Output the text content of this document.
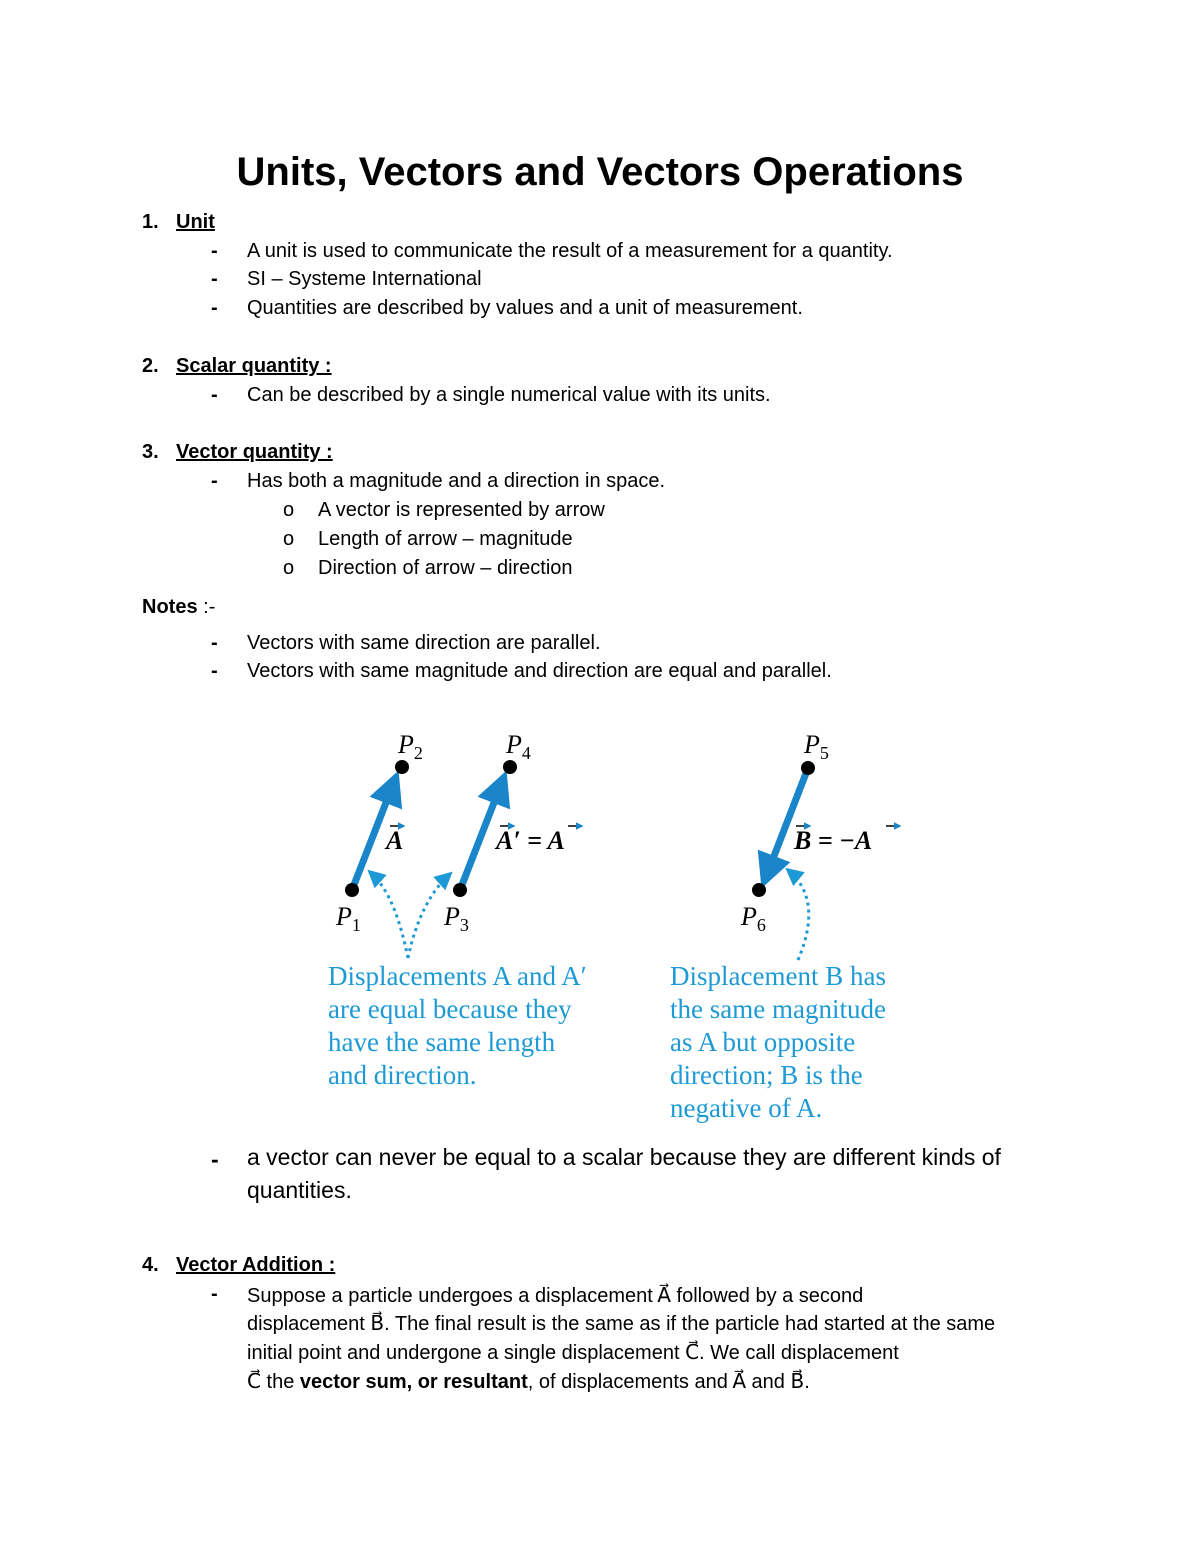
Units, Vectors and Vectors Operations
1. Unit
- A unit is used to communicate the result of a measurement for a quantity.
- SI – Systeme International
- Quantities are described by values and a unit of measurement.
2. Scalar quantity :
- Can be described by a single numerical value with its units.
3. Vector quantity :
- Has both a magnitude and a direction in space.
o A vector is represented by arrow
o Length of arrow – magnitude
o Direction of arrow – direction
Notes :-
- Vectors with same direction are parallel.
- Vectors with same magnitude and direction are equal and parallel.
$P_2$	$P_4$	$P_5$
$P_1$	$P_3$	$P_6$
A	A′ = A	B = −A
Displacements A and A′
are equal because they
have the same length
and direction.
Displacement B has
the same magnitude
as A but opposite
direction; B is the
negative of A.
- a vector can never be equal to a scalar because they are different kinds of
quantities.
4. Vector Addition :
- Suppose a particle undergoes a displacement A⃗ followed by a second
displacement B⃗. The final result is the same as if the particle had started at the same
initial point and undergone a single displacement C⃗. We call displacement
C⃗ the vector sum, or resultant, of displacements and A⃗ and B⃗.
